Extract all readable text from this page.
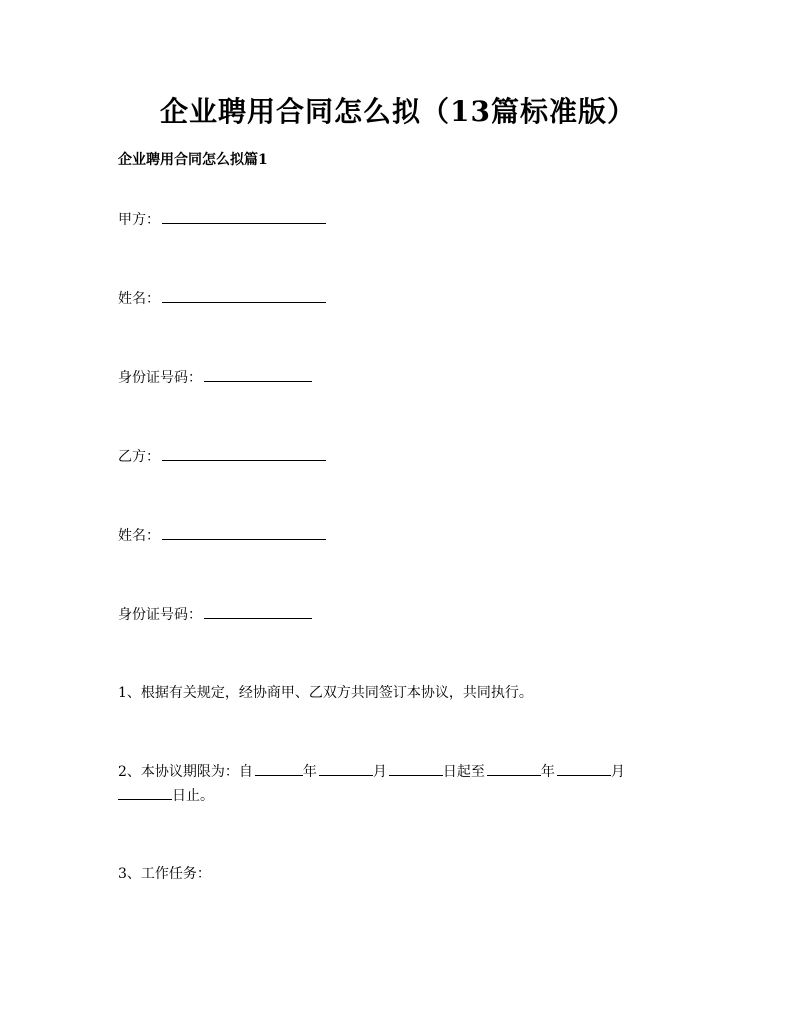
企业聘用合同怎么拟（13篇标准版）
企业聘用合同怎么拟篇1
甲方：
姓名：
身份证号码：
乙方：
姓名：
身份证号码：
1、根据有关规定，经协商甲、乙双方共同签订本协议，共同执行。
2、本协议期限为：自	年	月	日起至	年	月
日止。
3、工作任务：
